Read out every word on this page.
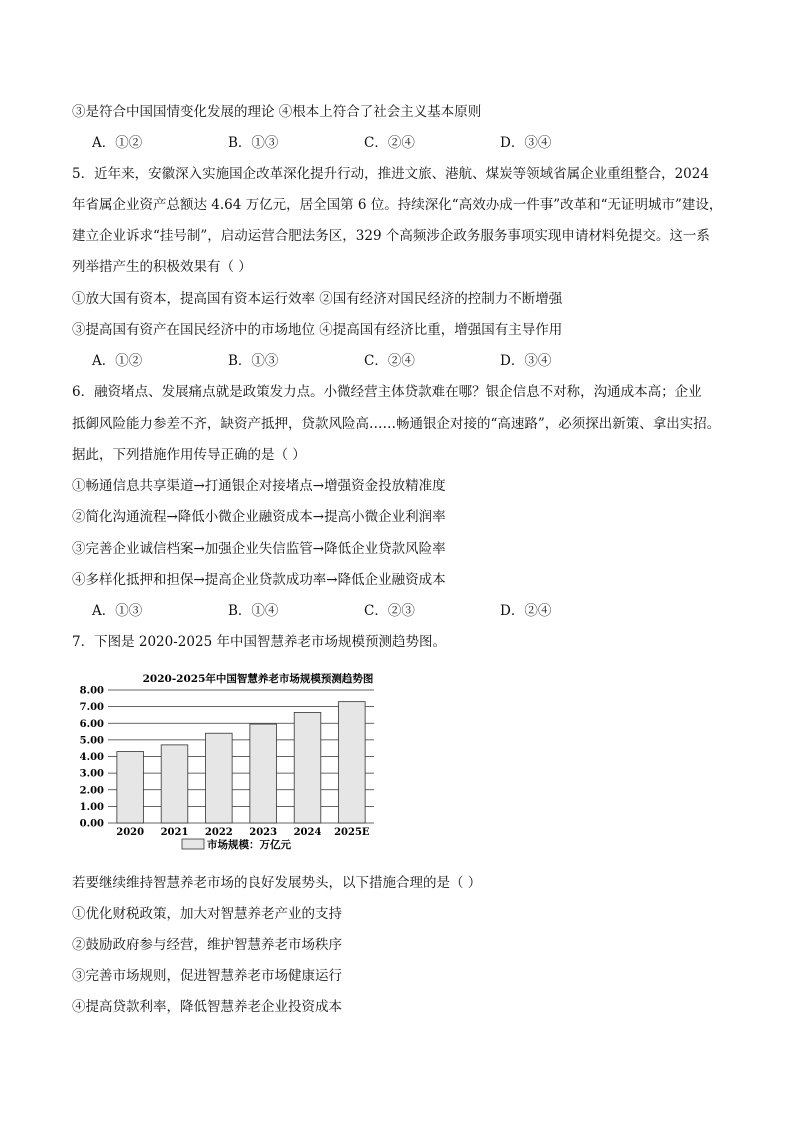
③是符合中国国情变化发展的理论 ④根本上符合了社会主义基本原则
A．①②	B．①③	C．②④	D．③④
5．近年来，安徽深入实施国企改革深化提升行动，推进文旅、港航、煤炭等领域省属企业重组整合，2024
年省属企业资产总额达 4.64 万亿元，居全国第 6 位。持续深化“高效办成一件事”改革和“无证明城市”建设，
建立企业诉求“挂号制”，启动运营合肥法务区，329 个高频涉企政务服务事项实现申请材料免提交。这一系
列举措产生的积极效果有（ ）
①放大国有资本，提高国有资本运行效率 ②国有经济对国民经济的控制力不断增强
③提高国有资产在国民经济中的市场地位 ④提高国有经济比重，增强国有主导作用
A．①②	B．①③	C．②④	D．③④
6．融资堵点、发展痛点就是政策发力点。小微经营主体贷款难在哪？银企信息不对称，沟通成本高；企业
抵御风险能力参差不齐，缺资产抵押，贷款风险高……畅通银企对接的“高速路”，必须探出新策、拿出实招。
据此，下列措施作用传导正确的是（ ）
①畅通信息共享渠道→打通银企对接堵点→增强资金投放精准度
②简化沟通流程→降低小微企业融资成本→提高小微企业利润率
③完善企业诚信档案→加强企业失信监管→降低企业贷款风险率
④多样化抵押和担保→提高企业贷款成功率→降低企业融资成本
A．①③	B．①④	C．②③	D．②④
7．下图是 2020-2025 年中国智慧养老市场规模预测趋势图。
2020-2025年中国智慧养老市场规模预测趋势图
0.00
1.00
2.00
3.00
4.00
5.00
6.00
7.00
8.00
2020 2021 2022 2023 2024 2025E
市场规模：万亿元
若要继续维持智慧养老市场的良好发展势头，以下措施合理的是（ ）
①优化财税政策，加大对智慧养老产业的支持
②鼓励政府参与经营，维护智慧养老市场秩序
③完善市场规则，促进智慧养老市场健康运行
④提高贷款利率，降低智慧养老企业投资成本
